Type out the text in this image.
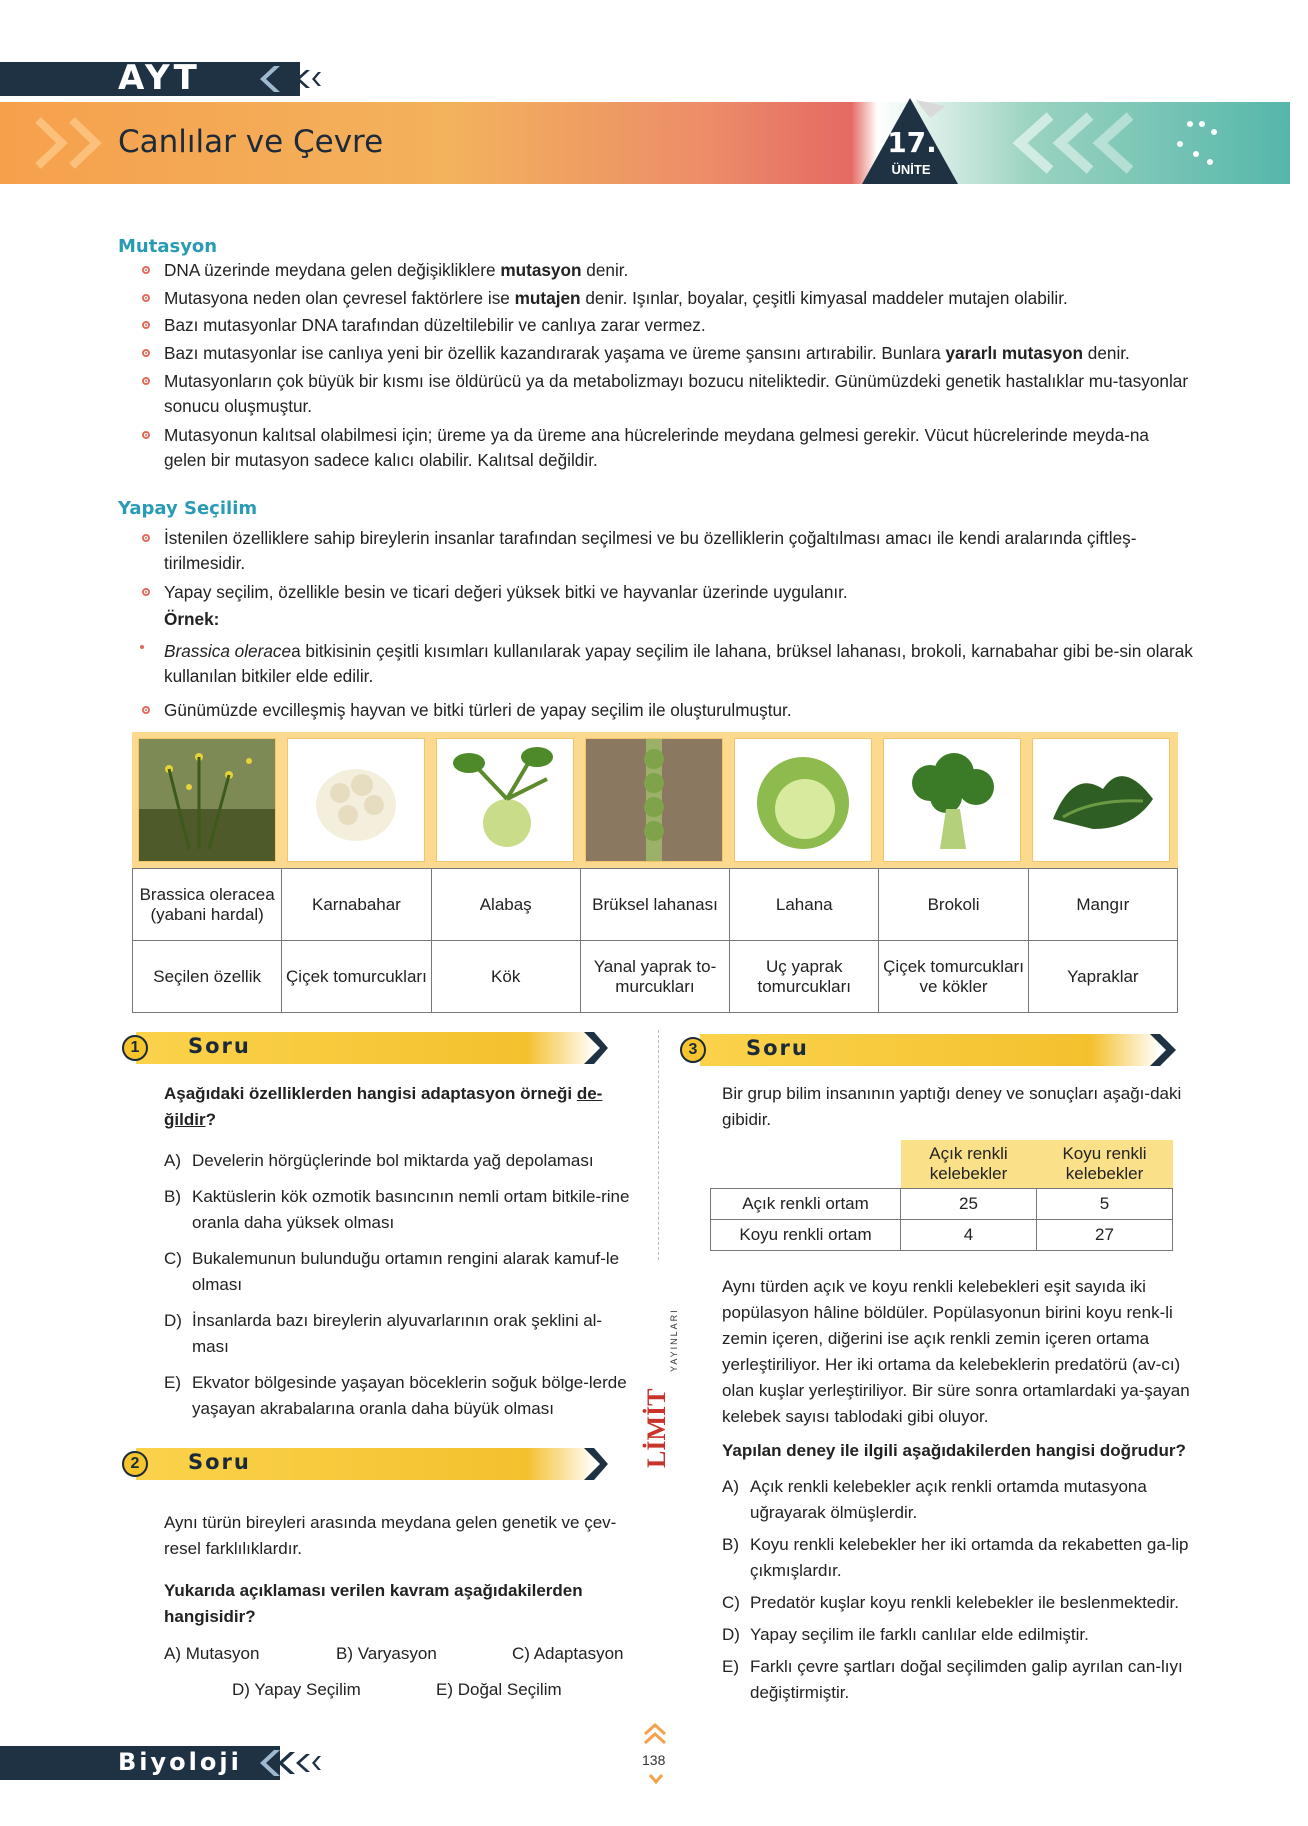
AYT
Canlılar ve Çevre	17.
ÜNİTE
Mutasyon
DNA üzerinde meydana gelen değişikliklere mutasyon denir.
Mutasyona neden olan çevresel faktörlere ise mutajen denir. Işınlar, boyalar, çeşitli kimyasal maddeler mutajen olabilir.
Bazı mutasyonlar DNA tarafından düzeltilebilir ve canlıya zarar vermez.
Bazı mutasyonlar ise canlıya yeni bir özellik kazandırarak yaşama ve üreme şansını artırabilir. Bunlara yararlı mutasyon denir.
Mutasyonların çok büyük bir kısmı ise öldürücü ya da metabolizmayı bozucu niteliktedir. Günümüzdeki genetik hastalıklar mu-tasyonlar sonucu oluşmuştur.
Mutasyonun kalıtsal olabilmesi için; üreme ya da üreme ana hücrelerinde meydana gelmesi gerekir. Vücut hücrelerinde meyda-na gelen bir mutasyon sadece kalıcı olabilir. Kalıtsal değildir.
Yapay Seçilim
İstenilen özelliklere sahip bireylerin insanlar tarafından seçilmesi ve bu özelliklerin çoğaltılması amacı ile kendi aralarında çiftleş-tirilmesidir.
Yapay seçilim, özellikle besin ve ticari değeri yüksek bitki ve hayvanlar üzerinde uygulanır.
Örnek:
Brassica oleracea bitkisinin çeşitli kısımları kullanılarak yapay seçilim ile lahana, brüksel lahanası, brokoli, karnabahar gibi be-sin olarak kullanılan bitkiler elde edilir.
Günümüzde evcilleşmiş hayvan ve bitki türleri de yapay seçilim ile oluşturulmuştur.
Brassica oleracea (yabani hardal)	Karnabahar	Alabaş	Brüksel lahanası	Lahana	Brokoli	Mangır
Seçilen özellik	Çiçek tomurcukları	Kök	Yanal yaprak to-murcukları	Uç yaprak tomurcukları	Çiçek tomurcukları ve kökler	Yapraklar
1	Soru
Aşağıdaki özelliklerden hangisi adaptasyon örneği de-ğildir?
A) Develerin hörgüçlerinde bol miktarda yağ depolaması
B) Kaktüslerin kök ozmotik basıncının nemli ortam bitkile-rine oranla daha yüksek olması
C) Bukalemunun bulunduğu ortamın rengini alarak kamuf-le olması
D) İnsanlarda bazı bireylerin alyuvarlarının orak şeklini al-ması
E) Ekvator bölgesinde yaşayan böceklerin soğuk bölge-lerde yaşayan akrabalarına oranla daha büyük olması
2	Soru
Aynı türün bireyleri arasında meydana gelen genetik ve çev-resel farklılıklardır.
Yukarıda açıklaması verilen kavram aşağıdakilerden hangisidir?
A) Mutasyon	B) Varyasyon	C) Adaptasyon
D) Yapay Seçilim	E) Doğal Seçilim
LİMİT
YAYINLARI
3	Soru
Bir grup bilim insanının yaptığı deney ve sonuçları aşağı-daki gibidir.
	Açık renkli kelebekler	Koyu renkli kelebekler
Açık renkli ortam	25	5
Koyu renkli ortam	4	27
Aynı türden açık ve koyu renkli kelebekleri eşit sayıda iki popülasyon hâline böldüler. Popülasyonun birini koyu renk-li zemin içeren, diğerini ise açık renkli zemin içeren ortama yerleştiriliyor. Her iki ortama da kelebeklerin predatörü (av-cı) olan kuşlar yerleştiriliyor. Bir süre sonra ortamlardaki ya-şayan kelebek sayısı tablodaki gibi oluyor.
Yapılan deney ile ilgili aşağıdakilerden hangisi doğrudur?
A) Açık renkli kelebekler açık renkli ortamda mutasyona uğrayarak ölmüşlerdir.
B) Koyu renkli kelebekler her iki ortamda da rekabetten ga-lip çıkmışlardır.
C) Predatör kuşlar koyu renkli kelebekler ile beslenmektedir.
D) Yapay seçilim ile farklı canlılar elde edilmiştir.
E) Farklı çevre şartları doğal seçilimden galip ayrılan can-lıyı değiştirmiştir.
Biyoloji	138
